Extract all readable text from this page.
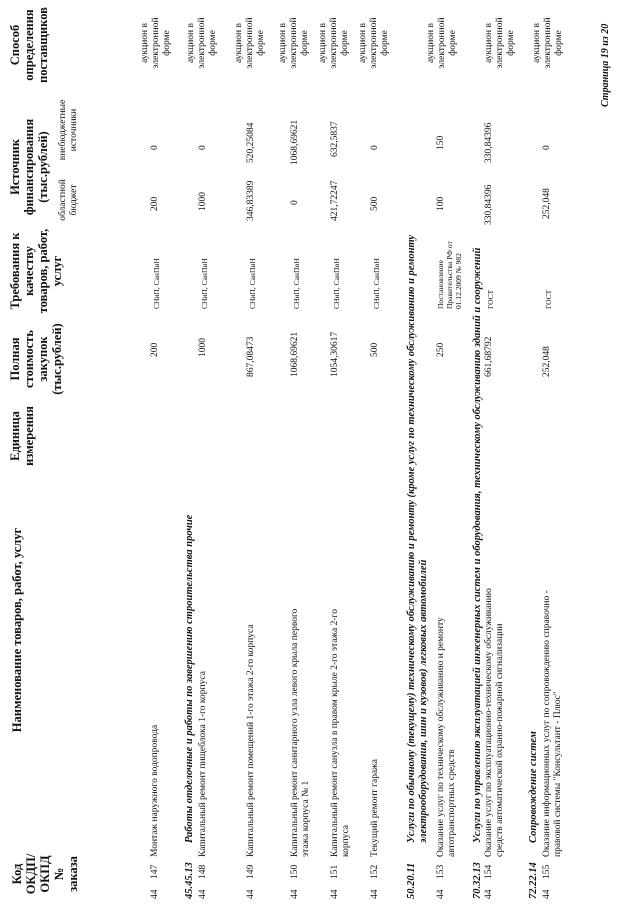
Код ОКДП/ ОКПД № заказа
Наименование товаров, работ, услуг
Единица измерения
Полная стоимость закупок (тыс.рублей)
Требования к качеству товаров, работ, услуг
Источник финансирования (тыс.рублей) областной бюджет
внебюджетные источники
Способ определения поставщиков
44
147
Монтаж наружного водопровода
200
СНиП, СанПиН
200
0
аукцион в электронной форме
45.45.13
Работы отделочные и работы по завершению строительства прочие
44
148
Капитальный ремонт пищеблока 1-го корпуса
1000
СНиП, СанПиН
1000
0
аукцион в электронной форме
44
149
Капитальный ремонт помещений 1-го этажа 2-го корпуса
867,08473
СНиП, СанПиН
346,83389
520,25084
аукцион в электронной форме
44
150
Капитальный ремонт санитарного узла левого крыла первого этажа корпуса № 1
1068,69621
СНиП, СанПиН
0
1068,69621
аукцион в электронной форме
44
151
Капитальный ремонт санузла в правом крыле 2-го этажа 2-го корпуса
1054,30617
СНиП, СанПиН
421,72247
632,5837
аукцион в электронной форме
44
152
Текущий ремонт гаража
500
СНиП, СанПиН
500
0
аукцион в электронной форме
50.20.11
Услуги по обычному (текущему) техническому обслуживанию и ремонту (кроме услуг по техническому обслуживанию и ремонту электрооборудования, шин и кузовов) легковых автомобилей
44
153
Оказание услуг по техническому обслуживанию и ремонту автотранспортных средств
250
Постановление Правительства РФ от 01.12.2009 № 982
100
150
аукцион в электронной форме
70.32.13
Услуги по управлению эксплуатацией инженерных систем и оборудования, техническому обслуживанию зданий и сооружений
44
154
Оказание услуг по эксплуатационно-техническому обслуживанию средств автоматической охранно-пожарной сигнализации
661,68792
ГОСТ
330,84396
330,84396
аукцион в электронной форме
72.22.14
Сопровождение систем
44
155
Оказание информационных услуг по сопровождению справочно - правовой системы "Консультант - Плюс"
252,048
ГОСТ
252,048
0
аукцион в электронной форме	Страница 19 из 20
